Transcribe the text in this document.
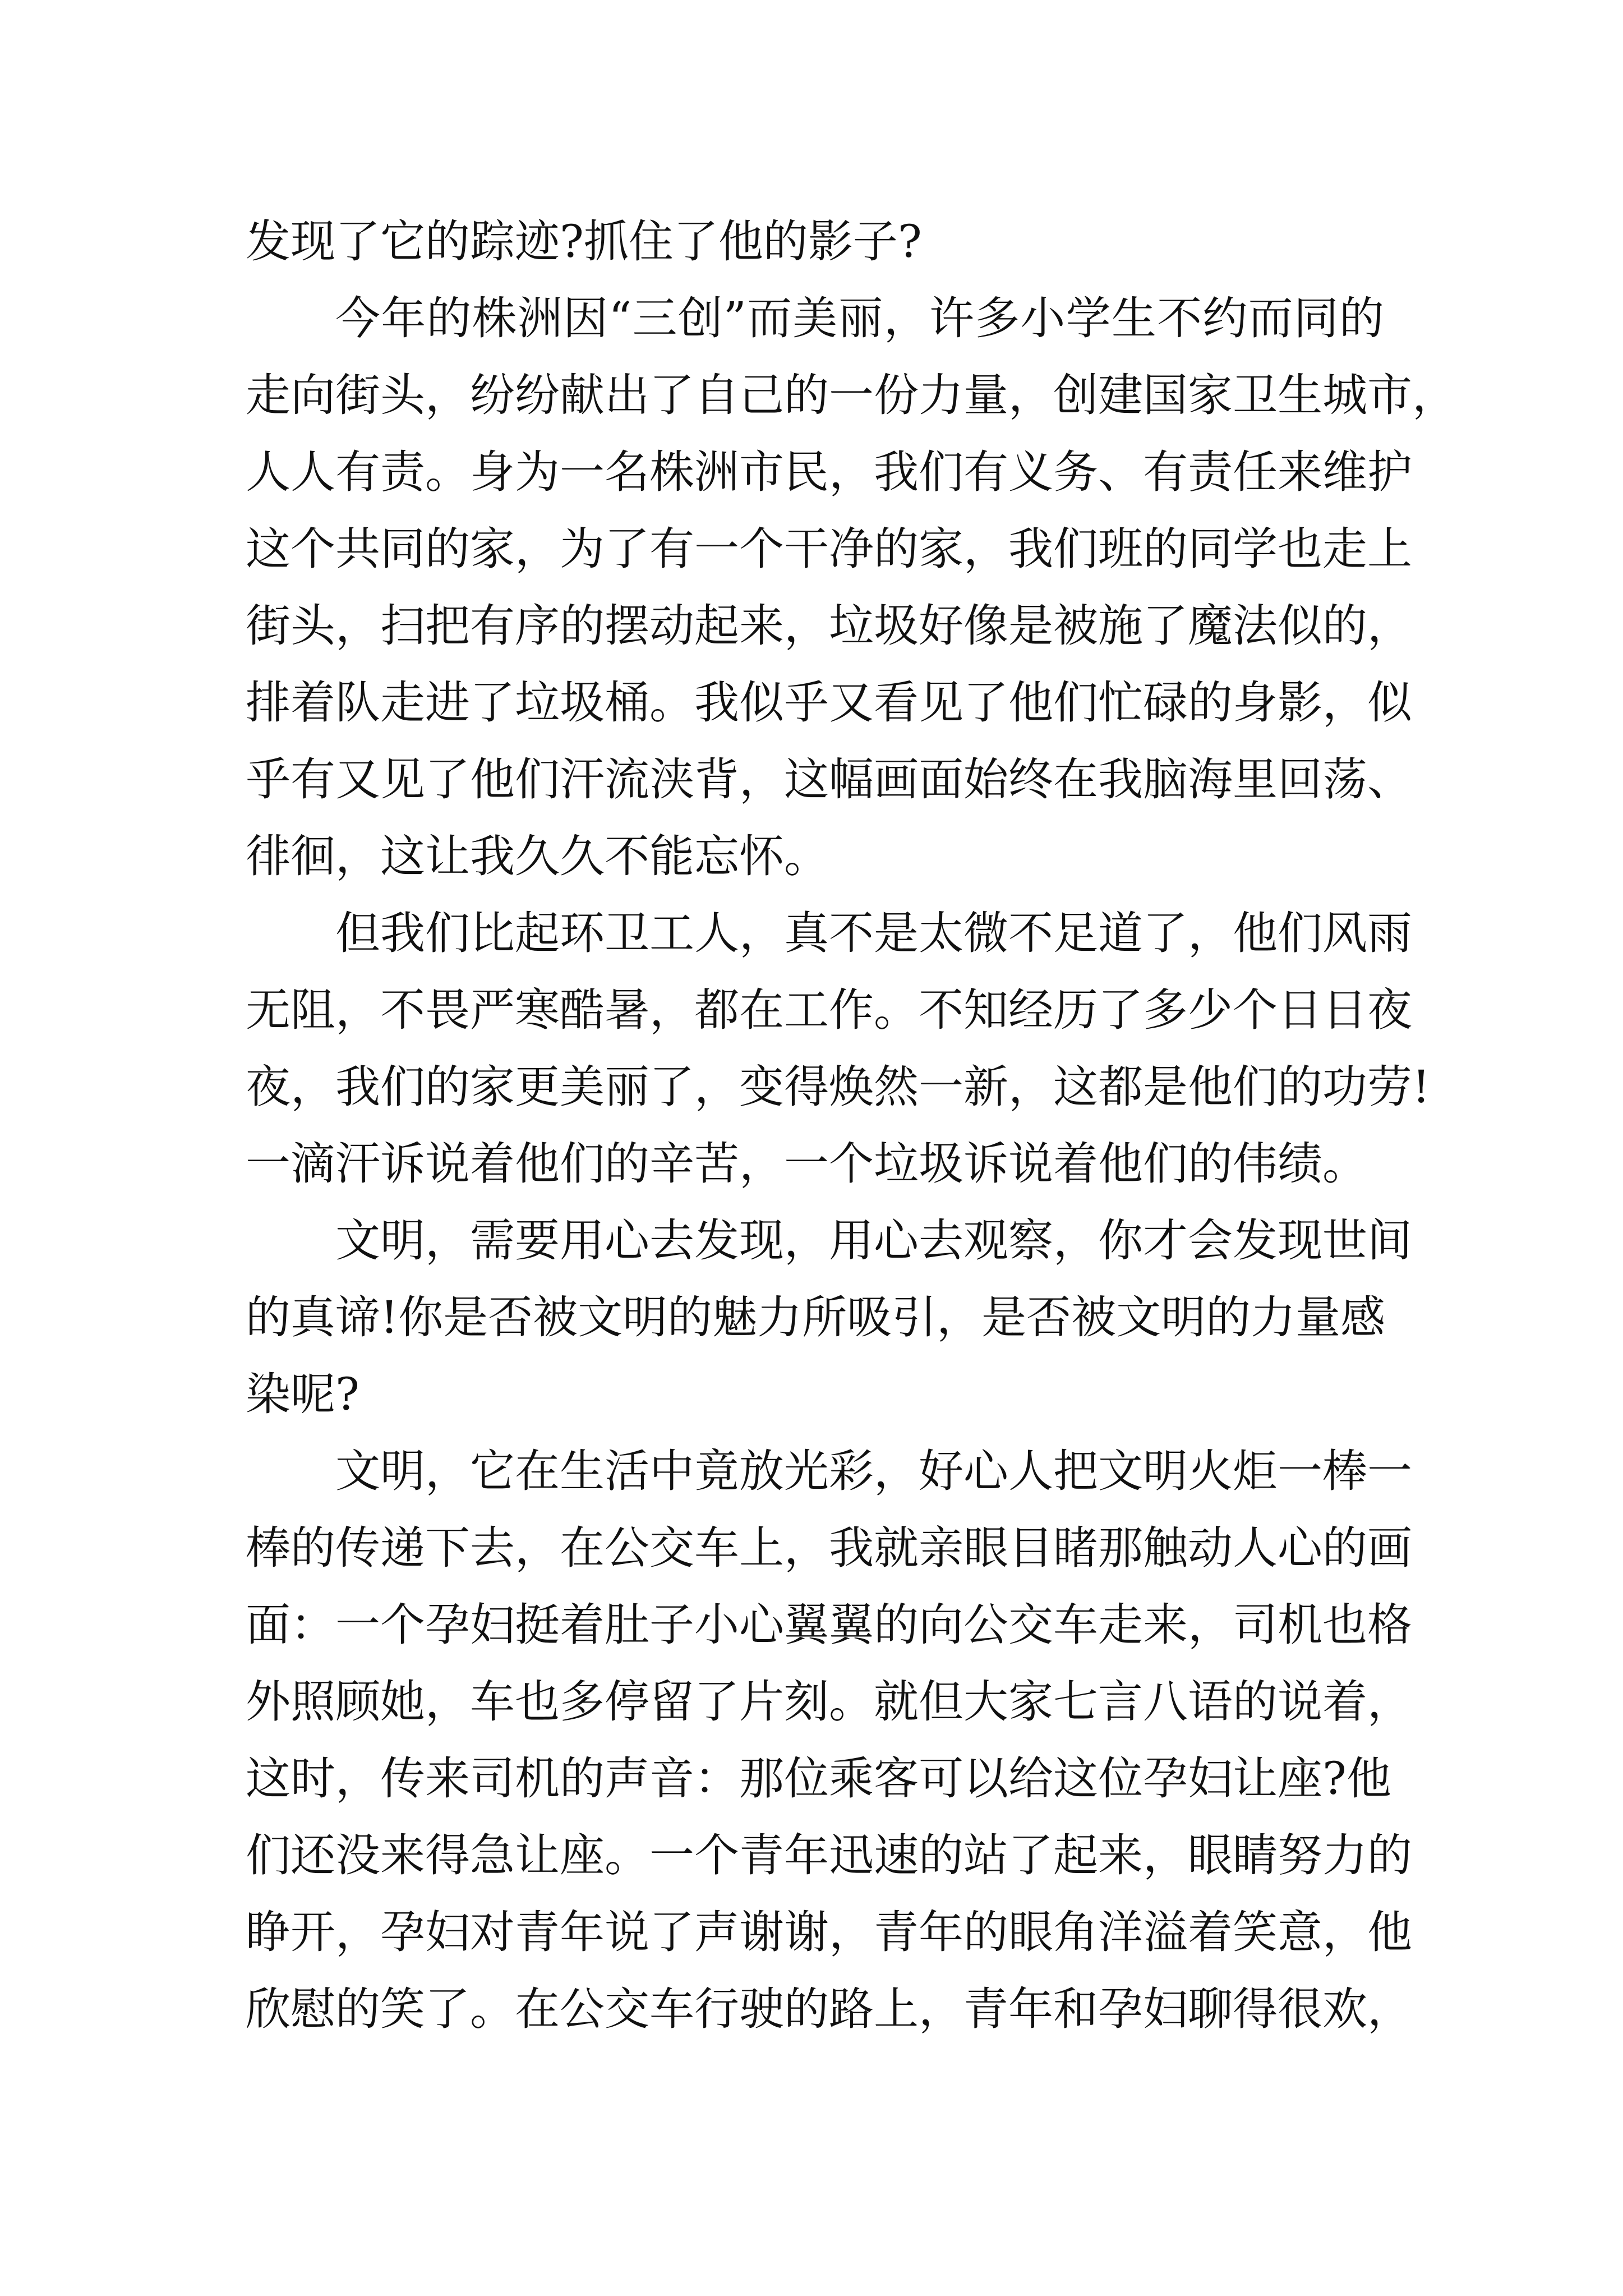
发现了它的踪迹?抓住了他的影子?
今年的株洲因“三创”而美丽，许多小学生不约而同的
走向街头，纷纷献出了自己的一份力量，创建国家卫生城市，
人人有责。身为一名株洲市民，我们有义务、有责任来维护
这个共同的家，为了有一个干净的家，我们班的同学也走上
街头，扫把有序的摆动起来，垃圾好像是被施了魔法似的，
排着队走进了垃圾桶。我似乎又看见了他们忙碌的身影，似
乎有又见了他们汗流浃背，这幅画面始终在我脑海里回荡、
徘徊，这让我久久不能忘怀。
但我们比起环卫工人，真不是太微不足道了，他们风雨
无阻，不畏严寒酷暑，都在工作。不知经历了多少个日日夜
夜，我们的家更美丽了，变得焕然一新，这都是他们的功劳!
一滴汗诉说着他们的辛苦，一个垃圾诉说着他们的伟绩。
文明，需要用心去发现，用心去观察，你才会发现世间
的真谛!你是否被文明的魅力所吸引，是否被文明的力量感
染呢?
文明，它在生活中竟放光彩，好心人把文明火炬一棒一
棒的传递下去，在公交车上，我就亲眼目睹那触动人心的画
面：一个孕妇挺着肚子小心翼翼的向公交车走来，司机也格
外照顾她，车也多停留了片刻。就但大家七言八语的说着，
这时，传来司机的声音：那位乘客可以给这位孕妇让座?他
们还没来得急让座。一个青年迅速的站了起来，眼睛努力的
睁开，孕妇对青年说了声谢谢，青年的眼角洋溢着笑意，他
欣慰的笑了。在公交车行驶的路上，青年和孕妇聊得很欢，
